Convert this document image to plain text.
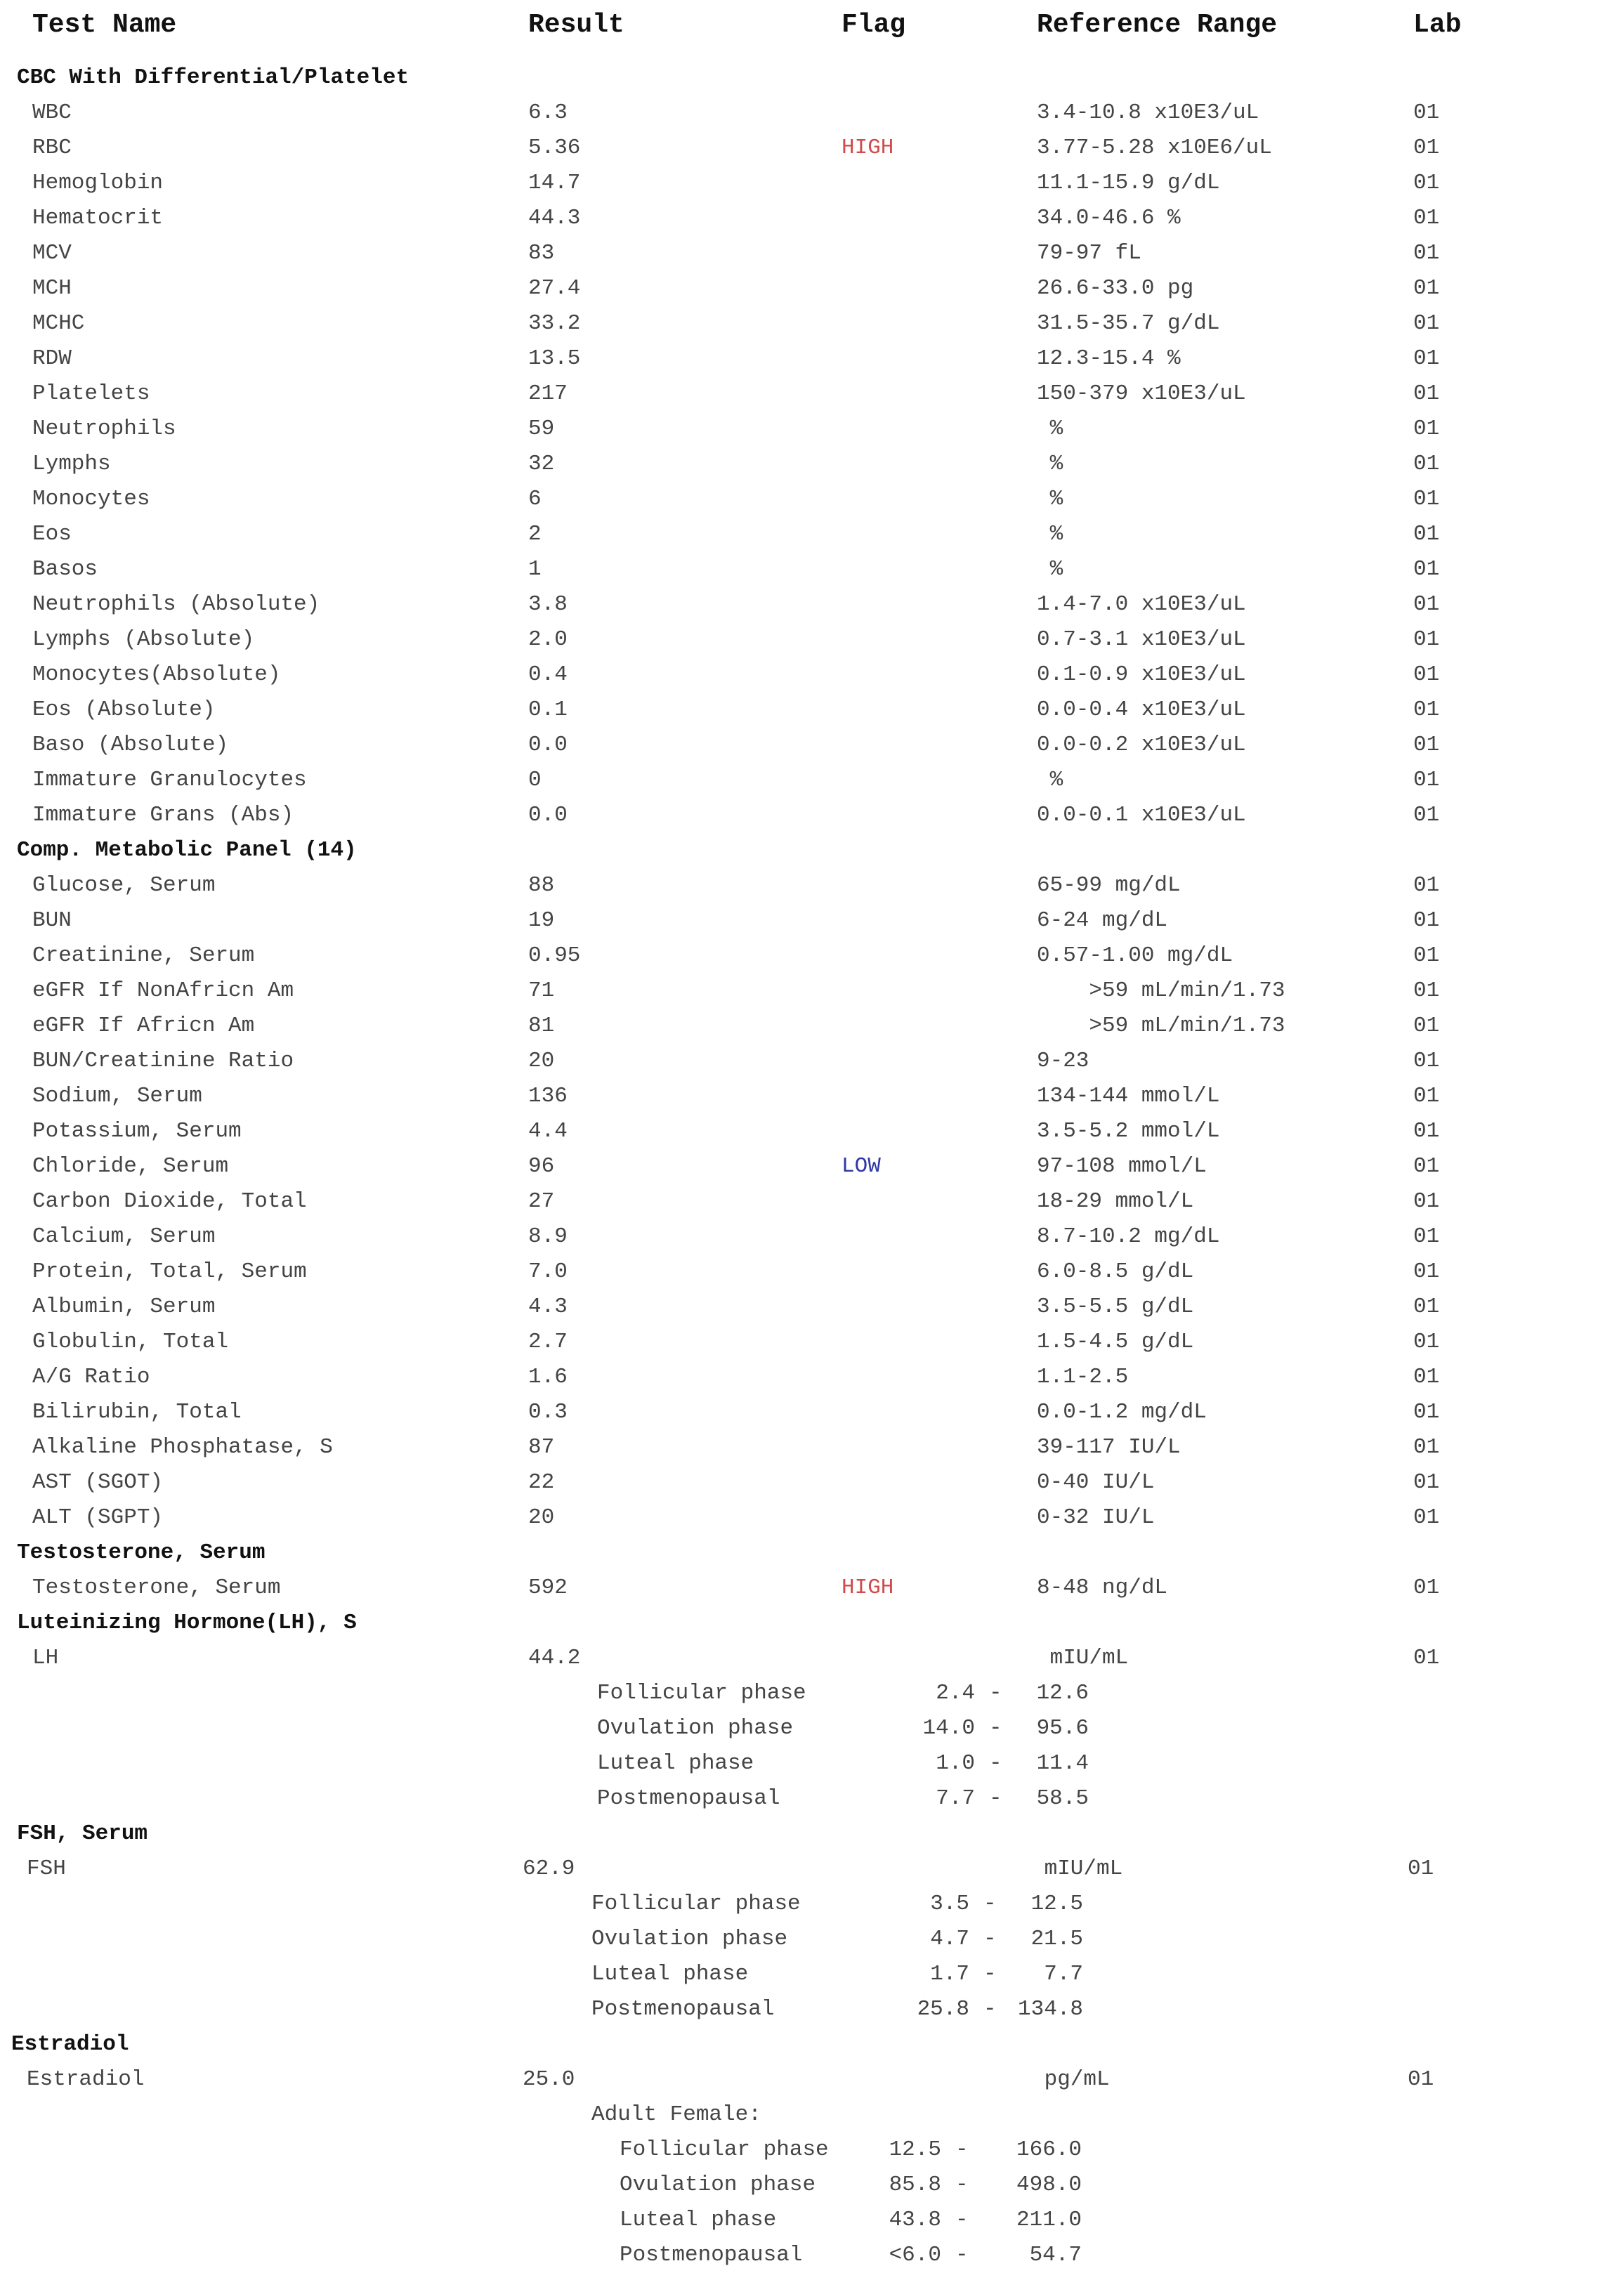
Test Name	Result	Flag	Reference Range	Lab
CBC With Differential/Platelet
WBC	6.3	3.4-10.8 x10E3/uL	01
RBC	5.36	HIGH	3.77-5.28 x10E6/uL	01
Hemoglobin	14.7	11.1-15.9 g/dL	01
Hematocrit	44.3	34.0-46.6 %	01
MCV	83	79-97 fL	01
MCH	27.4	26.6-33.0 pg	01
MCHC	33.2	31.5-35.7 g/dL	01
RDW	13.5	12.3-15.4 %	01
Platelets	217	150-379 x10E3/uL	01
Neutrophils	59	%	01
Lymphs	32	%	01
Monocytes	6	%	01
Eos	2	%	01
Basos	1	%	01
Neutrophils (Absolute)	3.8	1.4-7.0 x10E3/uL	01
Lymphs (Absolute)	2.0	0.7-3.1 x10E3/uL	01
Monocytes(Absolute)	0.4	0.1-0.9 x10E3/uL	01
Eos (Absolute)	0.1	0.0-0.4 x10E3/uL	01
Baso (Absolute)	0.0	0.0-0.2 x10E3/uL	01
Immature Granulocytes	0	%	01
Immature Grans (Abs)	0.0	0.0-0.1 x10E3/uL	01
Comp. Metabolic Panel (14)
Glucose, Serum	88	65-99 mg/dL	01
BUN	19	6-24 mg/dL	01
Creatinine, Serum	0.95	0.57-1.00 mg/dL	01
eGFR If NonAfricn Am	71	>59 mL/min/1.73	01
eGFR If Africn Am	81	>59 mL/min/1.73	01
BUN/Creatinine Ratio	20	9-23	01
Sodium, Serum	136	134-144 mmol/L	01
Potassium, Serum	4.4	3.5-5.2 mmol/L	01
Chloride, Serum	96	LOW	97-108 mmol/L	01
Carbon Dioxide, Total	27	18-29 mmol/L	01
Calcium, Serum	8.9	8.7-10.2 mg/dL	01
Protein, Total, Serum	7.0	6.0-8.5 g/dL	01
Albumin, Serum	4.3	3.5-5.5 g/dL	01
Globulin, Total	2.7	1.5-4.5 g/dL	01
A/G Ratio	1.6	1.1-2.5	01
Bilirubin, Total	0.3	0.0-1.2 mg/dL	01
Alkaline Phosphatase, S	87	39-117 IU/L	01
AST (SGOT)	22	0-40 IU/L	01
ALT (SGPT)	20	0-32 IU/L	01
Testosterone, Serum
Testosterone, Serum	592	HIGH	8-48 ng/dL	01
Luteinizing Hormone(LH), S
LH	44.2	mIU/mL	01
Follicular phase	2.4 - 12.6
Ovulation phase	14.0 - 95.6
Luteal phase	1.0 - 11.4
Postmenopausal	7.7 - 58.5
FSH, Serum
FSH	62.9	mIU/mL	01
Follicular phase	3.5 - 12.5
Ovulation phase	4.7 - 21.5
Luteal phase	1.7 - 7.7
Postmenopausal	25.8 - 134.8
Estradiol
Estradiol	25.0	pg/mL	01
Adult Female:
Follicular phase	12.5 - 166.0
Ovulation phase	85.8 - 498.0
Luteal phase	43.8 - 211.0
Postmenopausal	<6.0 -	54.7
